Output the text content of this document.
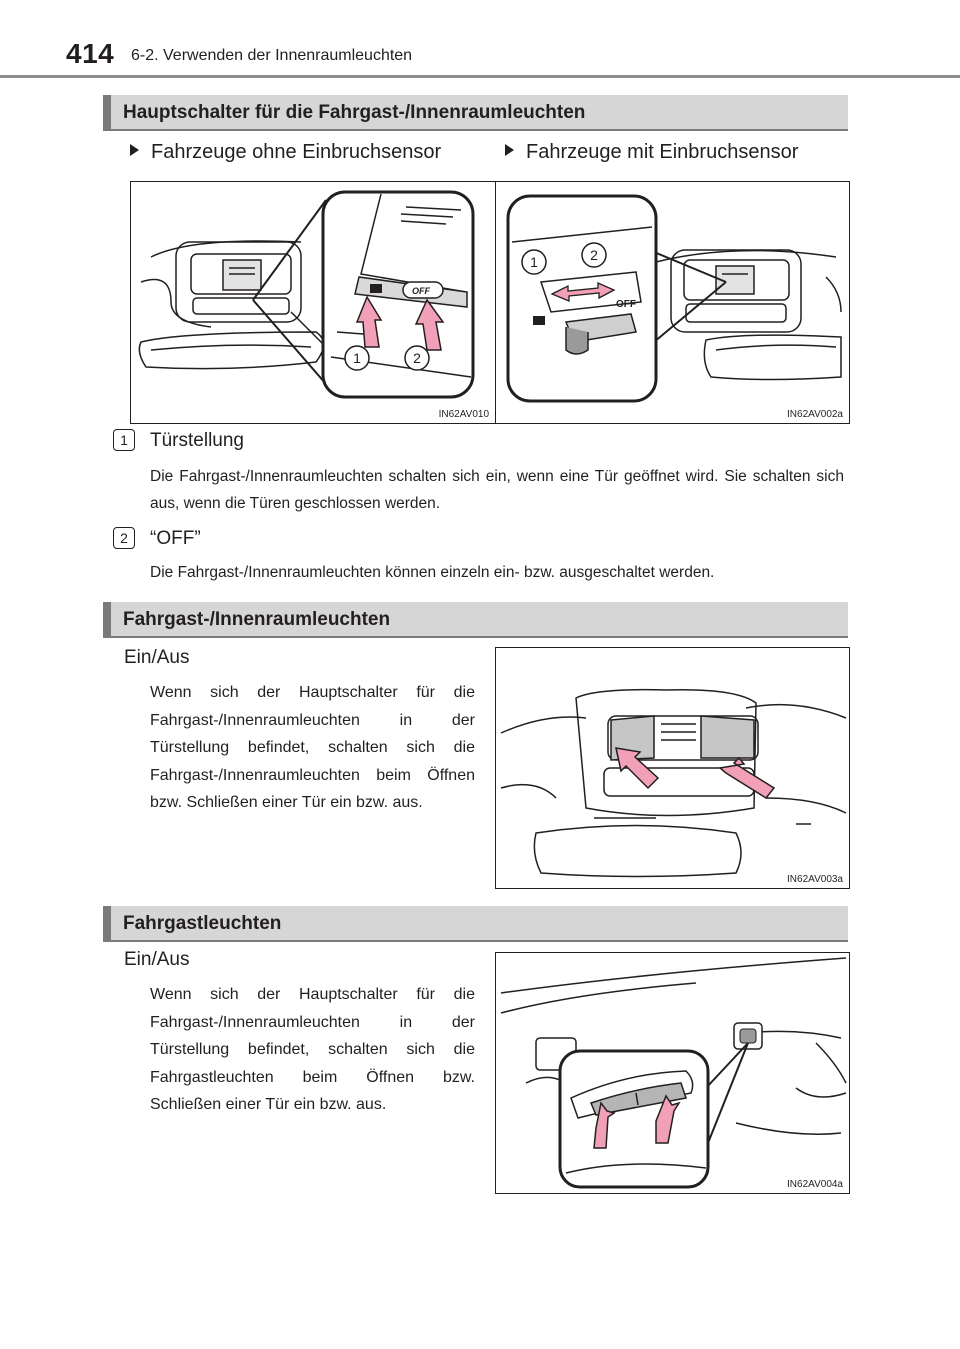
414 6-2. Verwenden der Innenraumleuchten
Hauptschalter für die Fahrgast-/Innenraumleuchten
Fahrzeuge ohne Einbruchsensor	Fahrzeuge mit Einbruchsensor
OFF
1	2
IN62AV010
OFF
1	2
IN62AV002a
1	Türstellung
Die Fahrgast-/Innenraumleuchten schalten sich ein, wenn eine Tür geöffnet wird. Sie schalten sich aus, wenn die Türen geschlossen werden.
2	“OFF”
Die Fahrgast-/Innenraumleuchten können einzeln ein- bzw. ausgeschaltet werden.
Fahrgast-/Innenraumleuchten
Ein/Aus
Wenn sich der Hauptschalter für die Fahrgast-/Innenraumleuchten in der Türstellung befindet, schalten sich die Fahrgast-/Innenraumleuchten beim Öffnen bzw. Schließen einer Tür ein bzw. aus.
IN62AV003a
Fahrgastleuchten
Ein/Aus
Wenn sich der Hauptschalter für die Fahrgast-/Innenraumleuchten in der Türstellung befindet, schalten sich die Fahrgastleuchten beim Öffnen bzw. Schließen einer Tür ein bzw. aus.
IN62AV004a
